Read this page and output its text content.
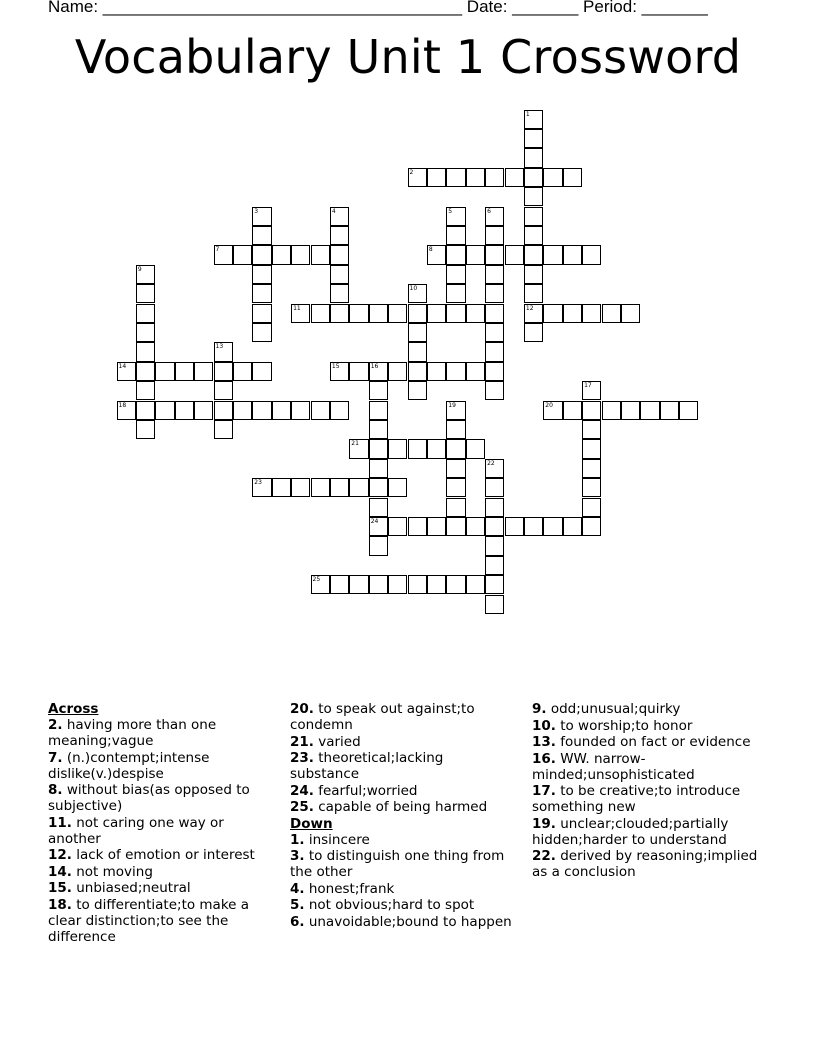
Name: ______________________________________ Date: _______ Period: _______
Vocabulary Unit 1 Crossword
1
2
3	4	5	6
7	8
9
10
11	12
13
14	15	16
17
18	19	20
21
22
23
24
25
Across
2. having more than one meaning;vague
7. (n.)contempt;intense dislike(v.)despise
8. without bias(as opposed to subjective)
11. not caring one way or another
12. lack of emotion or interest
14. not moving
15. unbiased;neutral
18. to differentiate;to make a clear distinction;to see the difference
20. to speak out against;to condemn
21. varied
23. theoretical;lacking substance
24. fearful;worried
25. capable of being harmed
Down
1. insincere
3. to distinguish one thing from the other
4. honest;frank
5. not obvious;hard to spot
6. unavoidable;bound to happen
9. odd;unusual;quirky
10. to worship;to honor
13. founded on fact or evidence
16. WW. narrow-minded;unsophisticated
17. to be creative;to introduce something new
19. unclear;clouded;partially hidden;harder to understand
22. derived by reasoning;implied as a conclusion
